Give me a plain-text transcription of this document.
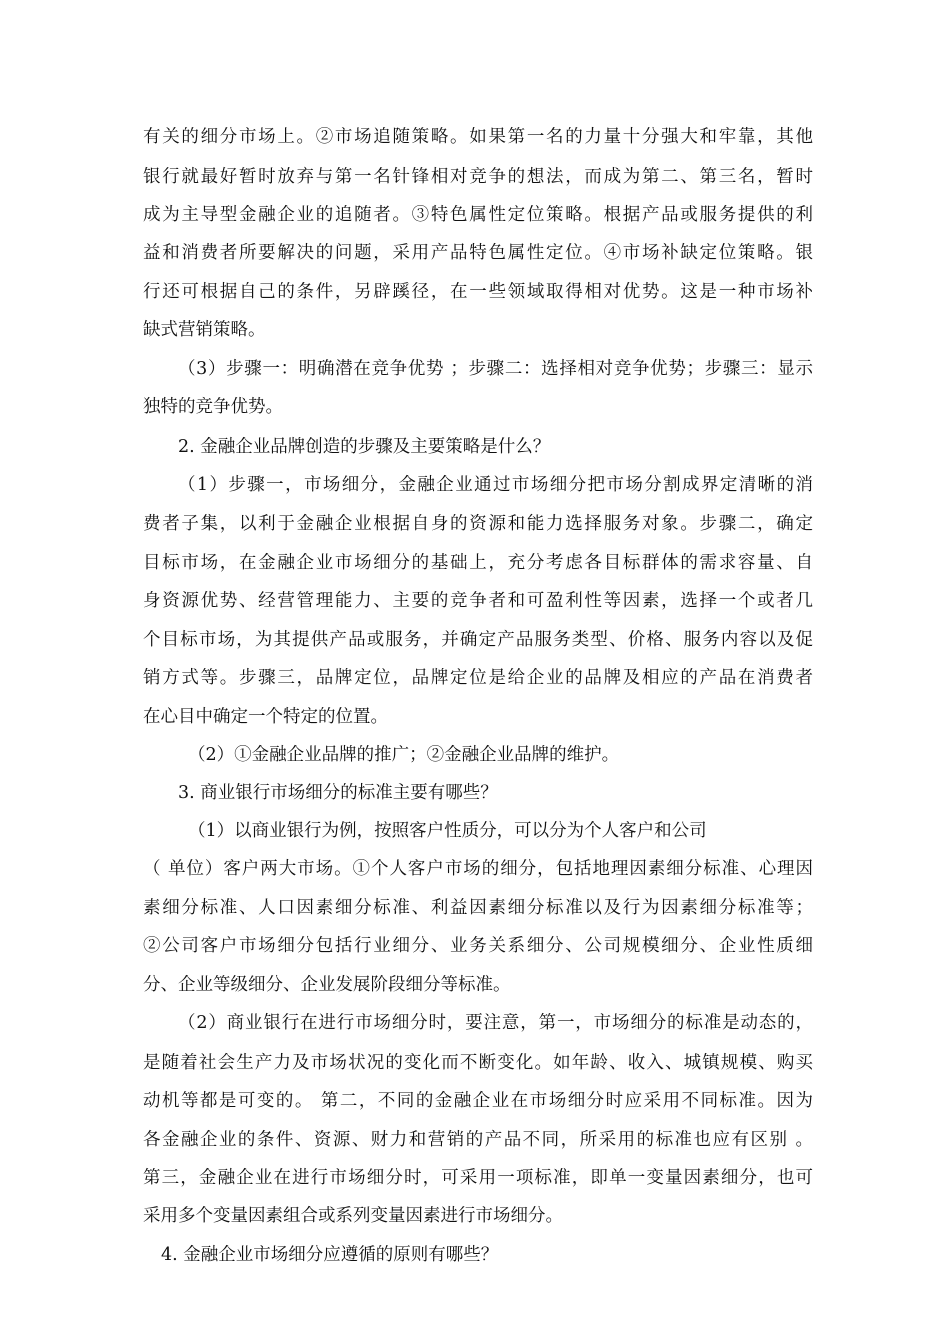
有关的细分市场上。②市场追随策略。如果第一名的力量十分强大和牢靠，其他
银行就最好暂时放弃与第一名针锋相对竞争的想法，而成为第二、第三名，暂时
成为主导型金融企业的追随者。③特色属性定位策略。根据产品或服务提供的利
益和消费者所要解决的问题，采用产品特色属性定位。④市场补缺定位策略。银
行还可根据自己的条件，另辟蹊径，在一些领域取得相对优势。这是一种市场补
缺式营销策略。
（3）步骤一：明确潜在竞争优势 ；步骤二：选择相对竞争优势；步骤三：显示
独特的竞争优势。
2. 金融企业品牌创造的步骤及主要策略是什么？
（1）步骤一，市场细分，金融企业通过市场细分把市场分割成界定清晰的消
费者子集，以利于金融企业根据自身的资源和能力选择服务对象。步骤二，确定
目标市场，在金融企业市场细分的基础上，充分考虑各目标群体的需求容量、自
身资源优势、经营管理能力、主要的竞争者和可盈利性等因素，选择一个或者几
个目标市场，为其提供产品或服务，并确定产品服务类型、价格、服务内容以及促
销方式等。步骤三，品牌定位，品牌定位是给企业的品牌及相应的产品在消费者
在心目中确定一个特定的位置。
（2）①金融企业品牌的推广；②金融企业品牌的维护。
3. 商业银行市场细分的标准主要有哪些？
（1）以商业银行为例，按照客户性质分，可以分为个人客户和公司
（ 单位）客户两大市场。①个人客户市场的细分，包括地理因素细分标准、心理因
素细分标准、人口因素细分标准、利益因素细分标准以及行为因素细分标准等；
②公司客户市场细分包括行业细分、业务关系细分、公司规模细分、企业性质细
分、企业等级细分、企业发展阶段细分等标准。
（2）商业银行在进行市场细分时，要注意，第一，市场细分的标准是动态的，
是随着社会生产力及市场状况的变化而不断变化。如年龄、收入、城镇规模、购买
动机等都是可变的。 第二，不同的金融企业在市场细分时应采用不同标准。因为
各金融企业的条件、资源、财力和营销的产品不同，所采用的标准也应有区别 。
第三，金融企业在进行市场细分时，可采用一项标准，即单一变量因素细分，也可
采用多个变量因素组合或系列变量因素进行市场细分。
4. 金融企业市场细分应遵循的原则有哪些？
